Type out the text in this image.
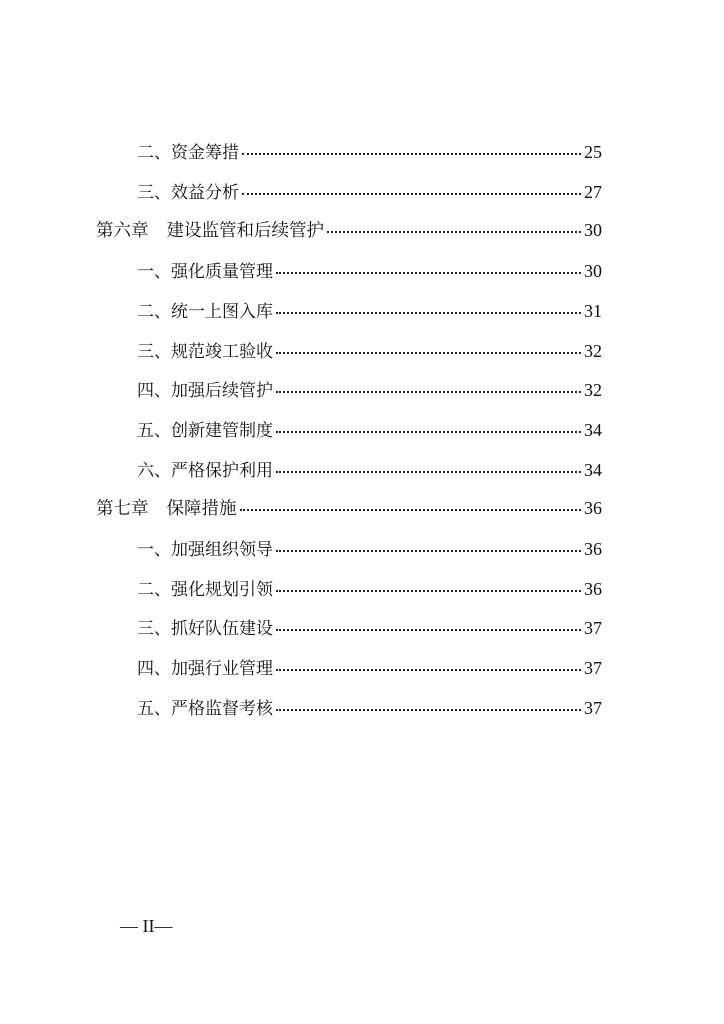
二、 资金筹措	25
三、 效益分析	27
第六章 建设监管和后续管护	30
一、 强化质量管理	30
二、 统一上图入库	31
三、 规范竣工验收	32
四、 加强后续管护	32
五、 创新建管制度	34
六、 严格保护利用	34
第七章 保障措施	36
一、 加强组织领导	36
二、 强化规划引领	36
三、 抓好队伍建设	37
四、 加强行业管理	37
五、 严格监督考核	37
— II—
